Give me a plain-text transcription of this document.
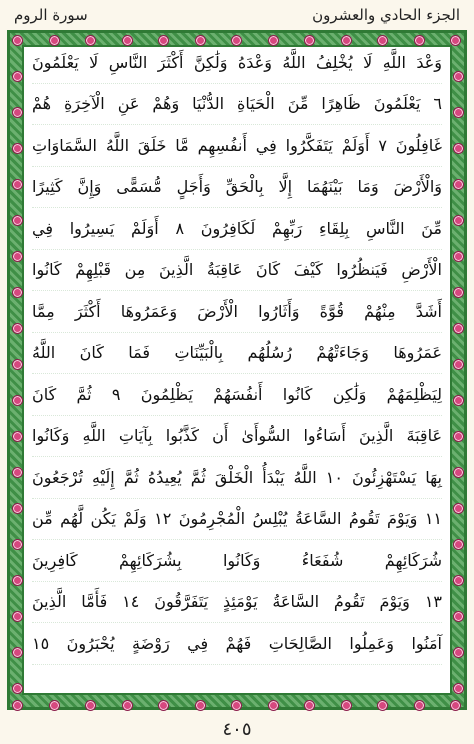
الجزء الحادي والعشرون
سورة الروم
وَعْدَ اللَّهِ لَا يُخْلِفُ اللَّهُ وَعْدَهُ وَلَٰكِنَّ أَكْثَرَ النَّاسِ لَا يَعْلَمُونَ
٦ يَعْلَمُونَ ظَاهِرًا مِّنَ الْحَيَاةِ الدُّنْيَا وَهُمْ عَنِ الْآخِرَةِ هُمْ
غَافِلُونَ ٧ أَوَلَمْ يَتَفَكَّرُوا فِي أَنفُسِهِم مَّا خَلَقَ اللَّهُ السَّمَاوَاتِ
وَالْأَرْضَ وَمَا بَيْنَهُمَا إِلَّا بِالْحَقِّ وَأَجَلٍ مُّسَمًّى وَإِنَّ كَثِيرًا
مِّنَ النَّاسِ بِلِقَاءِ رَبِّهِمْ لَكَافِرُونَ ٨ أَوَلَمْ يَسِيرُوا فِي
الْأَرْضِ فَيَنظُرُوا كَيْفَ كَانَ عَاقِبَةُ الَّذِينَ مِن قَبْلِهِمْ كَانُوا
أَشَدَّ مِنْهُمْ قُوَّةً وَأَثَارُوا الْأَرْضَ وَعَمَرُوهَا أَكْثَرَ مِمَّا
عَمَرُوهَا وَجَاءَتْهُمْ رُسُلُهُم بِالْبَيِّنَاتِ فَمَا كَانَ اللَّهُ
لِيَظْلِمَهُمْ وَلَٰكِن كَانُوا أَنفُسَهُمْ يَظْلِمُونَ ٩ ثُمَّ كَانَ
عَاقِبَةَ الَّذِينَ أَسَاءُوا السُّوأَىٰ أَن كَذَّبُوا بِآيَاتِ اللَّهِ وَكَانُوا
بِهَا يَسْتَهْزِئُونَ ١٠ اللَّهُ يَبْدَأُ الْخَلْقَ ثُمَّ يُعِيدُهُ ثُمَّ إِلَيْهِ تُرْجَعُونَ
١١ وَيَوْمَ تَقُومُ السَّاعَةُ يُبْلِسُ الْمُجْرِمُونَ ١٢ وَلَمْ يَكُن لَّهُم مِّن
شُرَكَائِهِمْ شُفَعَاءُ وَكَانُوا بِشُرَكَائِهِمْ كَافِرِينَ
١٣ وَيَوْمَ تَقُومُ السَّاعَةُ يَوْمَئِذٍ يَتَفَرَّقُونَ ١٤ فَأَمَّا الَّذِينَ
آمَنُوا وَعَمِلُوا الصَّالِحَاتِ فَهُمْ فِي رَوْضَةٍ يُحْبَرُونَ ١٥
٤٠٥
